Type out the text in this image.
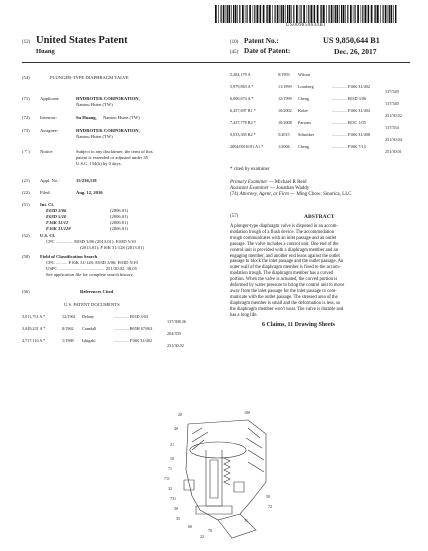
US009850644B1
(12) United States Patent
Huang
(10) Patent No.:	US 9,850,644 B1
(45) Date of Patent:	Dec. 26, 2017
(54)	PLUNGER-TYPE DIAPHRAGM VALVE
(71) Applicant:	HYDROTEK CORPORATION,
Nantou Hsien (TW)
(72) Inventor:	Su Huang, Nantou Hsien (TW)
(73) Assignee:	HYDROTEK CORPORATION,
Nantou Hsien (TW)
( * ) Notice:	Subject to any disclaimer, the term of this
patent is extended or adjusted under 35
U.S.C. 154(b) by 0 days.
(21) Appl. No.:	15/236,118
(22) Filed:	Aug. 12, 2016
(51) Int. Cl.
E03D 3/06	(2006.01)
E03D 5/10	(2006.01)
F16K 31/12	(2006.01)
F16K 31/128	(2006.01)
(52) U.S. Cl.
CPC ............... E03D 3/06 (2013.01); E03D 5/10
(2013.01); F16K 31/128 (2013.01)
(58) Field of Classification Search
CPC .......... F16K 31/128; E03D 3/06; E03D 5/10
USPC ........................................ 251/30.02, 30.05
See application file for complete search history.
(56)	References Cited
U.S. PATENT DOCUMENTS
3,011,751 A *	12/1961 Delany	.............. E03D 3/04
137/398.36
3,049,231 A *	8/1962 Crandall	.............. B65H 67/063
204/559
4,717,116 A *	1/1988 Ishigaki	.............. F16K 31/402
251/30.02
5,284,179 A	9/1993 Wilson
5,979,863 A *	11/1999 Lousberg	.............. F16K 31/402
137/549
6,000,674 A *	12/1999 Cheng	.............. E03D 3/06
137/540
6,457,697 B1 *	10/2002 Kolze	.............. F16K 31/404
251/30.02
7,437,778 B2 *	10/2008 Parsons	.............. E03C 1/05
137/554
9,033,305 B2 *	5/2015 Schnitker	.............. F16K 31/408
251/30.04
2004/0016181 A1 *	1/2004 Cheng	.............. F16K 7/14
251/30.01
* cited by examiner
Primary Examiner — Michael R Reid
Assistant Examiner — Jonathan Waddy
(74) Attorney, Agent, or Firm — Ming Chow; Sinorica, LLC
(57)	ABSTRACT
A plunger-type diaphragm valve is disposed in an accom-
modation trough of a flush device. The accommodation
trough communicates with an inlet passage and an outlet
passage. The valve includes a control unit. One end of the
control unit is provided with a diaphragm member and an
engaging member, and another end leans against the outlet
passage to block the inlet passage and the outlet passage. An
outer wall of the diaphragm member is fixed to the accom-
modation trough. The diaphragm member has a curved
portion. When the valve is actuated, the curved portion is
deformed by water pressure to bring the control unit to move
away from the inlet passage for the inlet passage to com-
municate with the outlet passage. The stressed area of the
diaphragm member is small and the deformation is less, so
the diaphragm member won't wear. The valve is durable and
has a long life.
6 Claims, 11 Drawing Sheets
20	100
40
21
10
71
711
32
731
30
35
50
72
60
11
70
22
